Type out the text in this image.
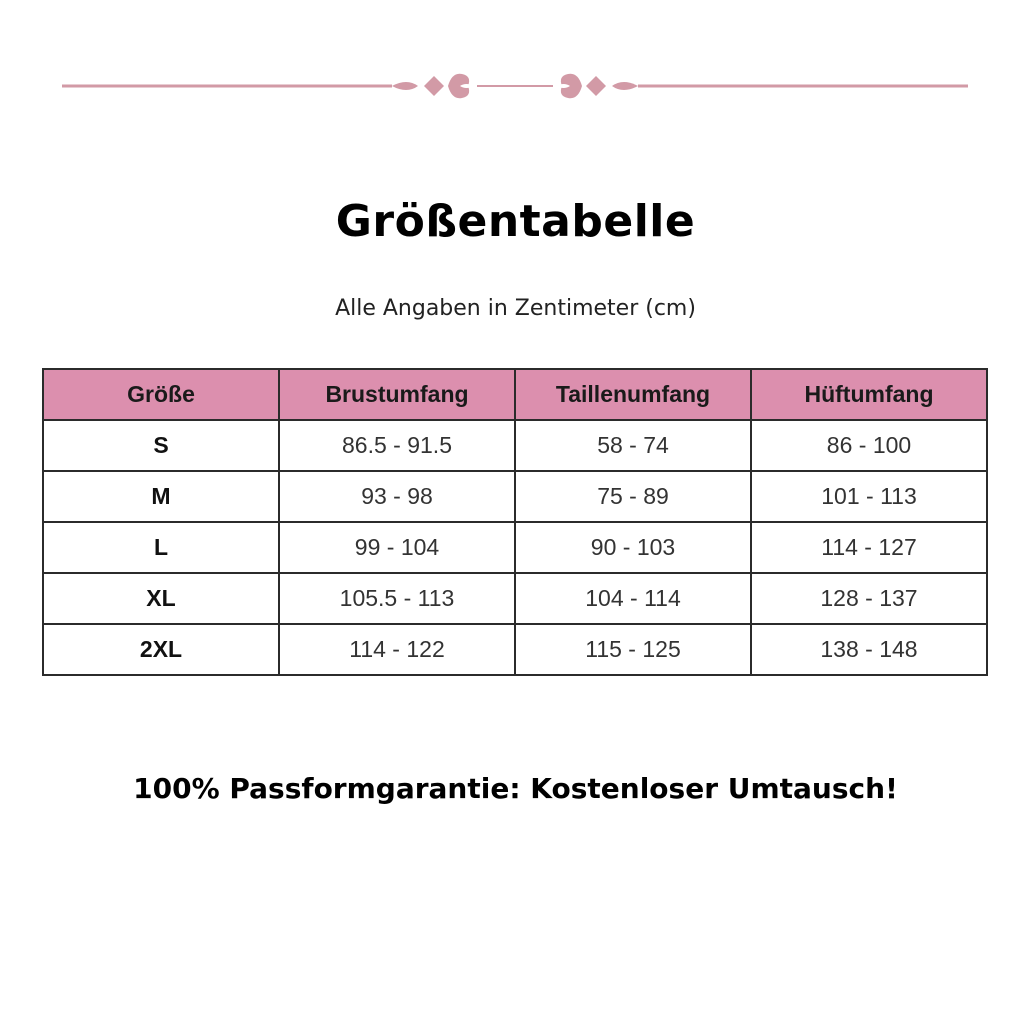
Größentabelle
Alle Angaben in Zentimeter (cm)
Größe	Brustumfang	Taillenumfang	Hüftumfang
S	86.5 - 91.5	58 - 74	86 - 100
M	93 - 98	75 - 89	101 - 113
L	99 - 104	90 - 103	114 - 127
XL	105.5 - 113	104 - 114	128 - 137
2XL	114 - 122	115 - 125	138 - 148
100% Passformgarantie: Kostenloser Umtausch!
